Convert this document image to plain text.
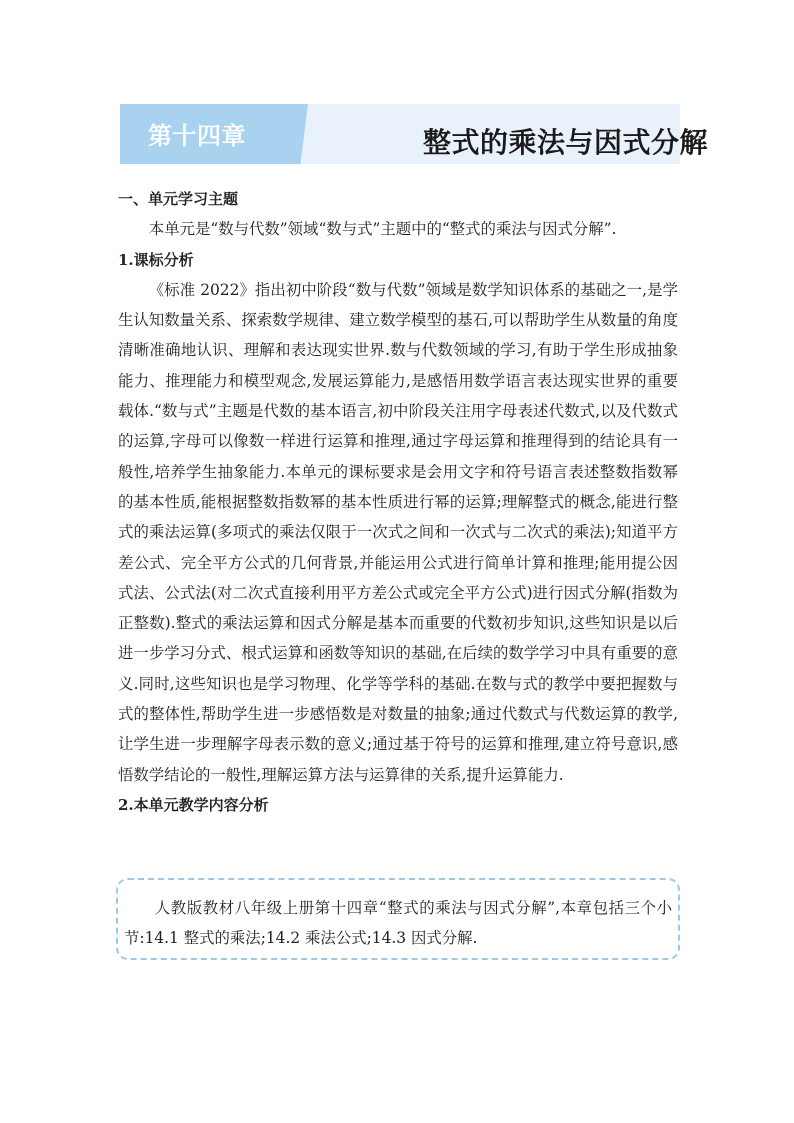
第十四章	整式的乘法与因式分解

一、单元学习主题

本单元是“数与代数”领域“数与式”主题中的“整式的乘法与因式分解”.

1.课标分析

《标准 2022》指出初中阶段“数与代数”领域是数学知识体系的基础之一,是学生认知数量关系、探索数学规律、建立数学模型的基石,可以帮助学生从数量的角度清晰准确地认识、理解和表达现实世界.数与代数领域的学习,有助于学生形成抽象能力、推理能力和模型观念,发展运算能力,是感悟用数学语言表达现实世界的重要载体.“数与式”主题是代数的基本语言,初中阶段关注用字母表述代数式,以及代数式的运算,字母可以像数一样进行运算和推理,通过字母运算和推理得到的结论具有一般性,培养学生抽象能力.本单元的课标要求是会用文字和符号语言表述整数指数幂的基本性质,能根据整数指数幂的基本性质进行幂的运算;理解整式的概念,能进行整式的乘法运算(多项式的乘法仅限于一次式之间和一次式与二次式的乘法);知道平方差公式、完全平方公式的几何背景,并能运用公式进行简单计算和推理;能用提公因式法、公式法(对二次式直接利用平方差公式或完全平方公式)进行因式分解(指数为正整数).整式的乘法运算和因式分解是基本而重要的代数初步知识,这些知识是以后进一步学习分式、根式运算和函数等知识的基础,在后续的数学学习中具有重要的意义.同时,这些知识也是学习物理、化学等学科的基础.在数与式的教学中要把握数与式的整体性,帮助学生进一步感悟数是对数量的抽象;通过代数式与代数运算的教学,让学生进一步理解字母表示数的意义;通过基于符号的运算和推理,建立符号意识,感悟数学结论的一般性,理解运算方法与运算律的关系,提升运算能力.

2.本单元教学内容分析

人教版教材八年级上册第十四章“整式的乘法与因式分解”,本章包括三个小节:14.1 整式的乘法;14.2 乘法公式;14.3 因式分解.
